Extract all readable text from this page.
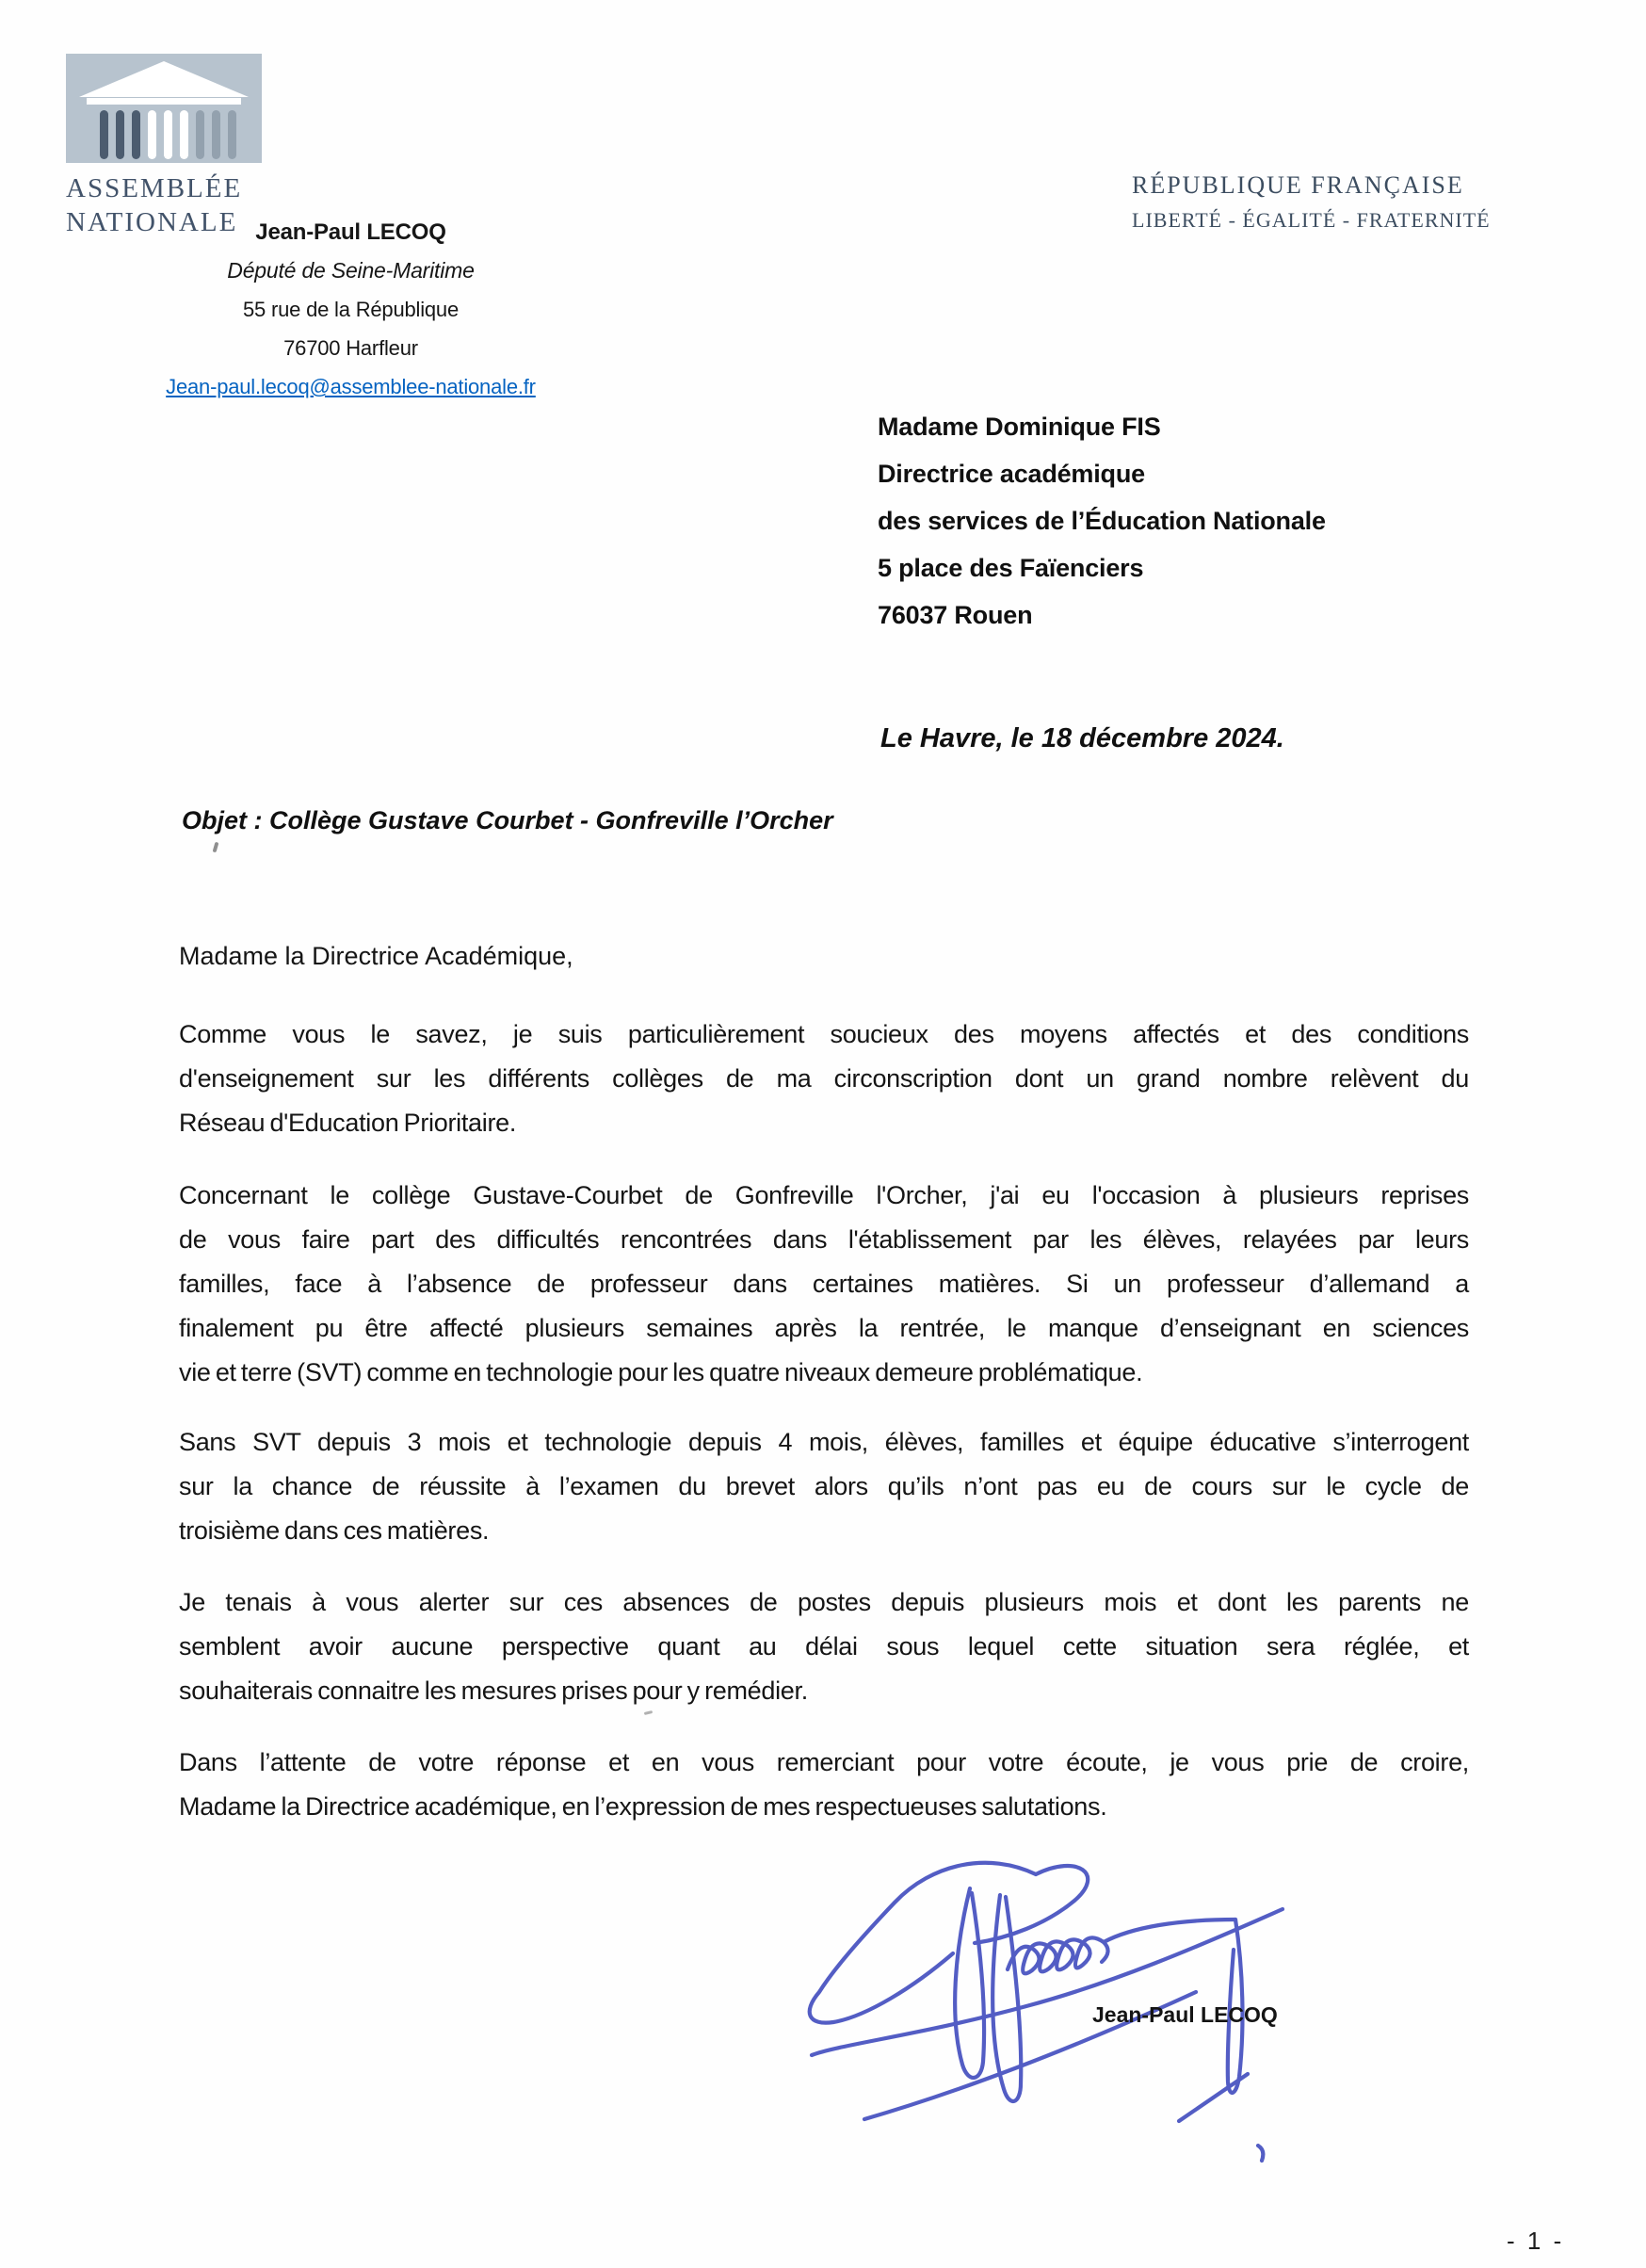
ASSEMBLÉE
NATIONALE Jean-Paul LECOQ
Député de Seine-Maritime
55 rue de la République
76700 Harfleur
Jean-paul.lecoq@assemblee-nationale.fr
RÉPUBLIQUE FRANÇAISE
LIBERTÉ - ÉGALITÉ - FRATERNITÉ
Madame Dominique FIS
Directrice académique
des services de l’Éducation Nationale
5 place des Faïenciers
76037 Rouen
Le Havre, le 18 décembre 2024.
Objet : Collège Gustave Courbet - Gonfreville l’Orcher
Madame la Directrice Académique,
Comme vous le savez, je suis particulièrement soucieux des moyens affectés et des conditions
d'enseignement sur les différents collèges de ma circonscription dont un grand nombre relèvent du
Réseau d'Education Prioritaire.
Concernant le collège Gustave-Courbet de Gonfreville l'Orcher, j'ai eu l'occasion à plusieurs reprises
de vous faire part des difficultés rencontrées dans l'établissement par les élèves, relayées par leurs
familles, face à l’absence de professeur dans certaines matières. Si un professeur d’allemand a
finalement pu être affecté plusieurs semaines après la rentrée, le manque d’enseignant en sciences
vie et terre (SVT) comme en technologie pour les quatre niveaux demeure problématique.
Sans SVT depuis 3 mois et technologie depuis 4 mois, élèves, familles et équipe éducative s’interrogent
sur la chance de réussite à l’examen du brevet alors qu’ils n’ont pas eu de cours sur le cycle de
troisième dans ces matières.
Je tenais à vous alerter sur ces absences de postes depuis plusieurs mois et dont les parents ne
semblent avoir aucune perspective quant au délai sous lequel cette situation sera réglée, et
souhaiterais connaitre les mesures prises pour y remédier.
Dans l’attente de votre réponse et en vous remerciant pour votre écoute, je vous prie de croire,
Madame la Directrice académique, en l’expression de mes respectueuses salutations.
Jean-Paul LECOQ
- 1 -
